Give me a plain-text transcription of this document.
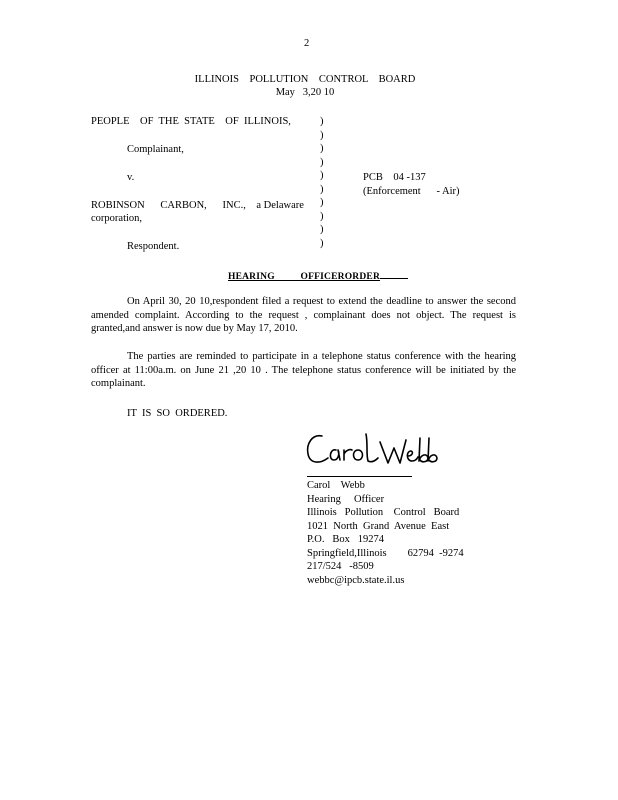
2
ILLINOIS    POLLUTION    CONTROL    BOARD
May   3,20 10
PEOPLE    OF  THE  STATE    OF  ILLINOIS,
Complainant,
v.
ROBINSON      CARBON,      INC.,    a Delaware
corporation,
Respondent.
)
)
)
)
)
)
)
)
)
)
PCB    04 -137
(Enforcement      - Air)
HEARING          OFFICERORDER
On April 30, 20 10,respondent filed a request to extend the deadline to answer the second amended complaint. According to the request , complainant does not object. The request is granted,and answer is now due by May 17, 2010.
The parties are reminded to participate in a telephone status conference with the hearing officer at 11:00a.m. on June 21 ,20 10 . The telephone status conference will be initiated by the complainant.
IT  IS  SO  ORDERED.
Carol    Webb
Hearing     Officer
Illinois   Pollution    Control   Board
1021  North  Grand  Avenue  East
P.O.   Box   19274
Springfield,Illinois        62794  -9274
217/524   -8509
webbc@ipcb.state.il.us
